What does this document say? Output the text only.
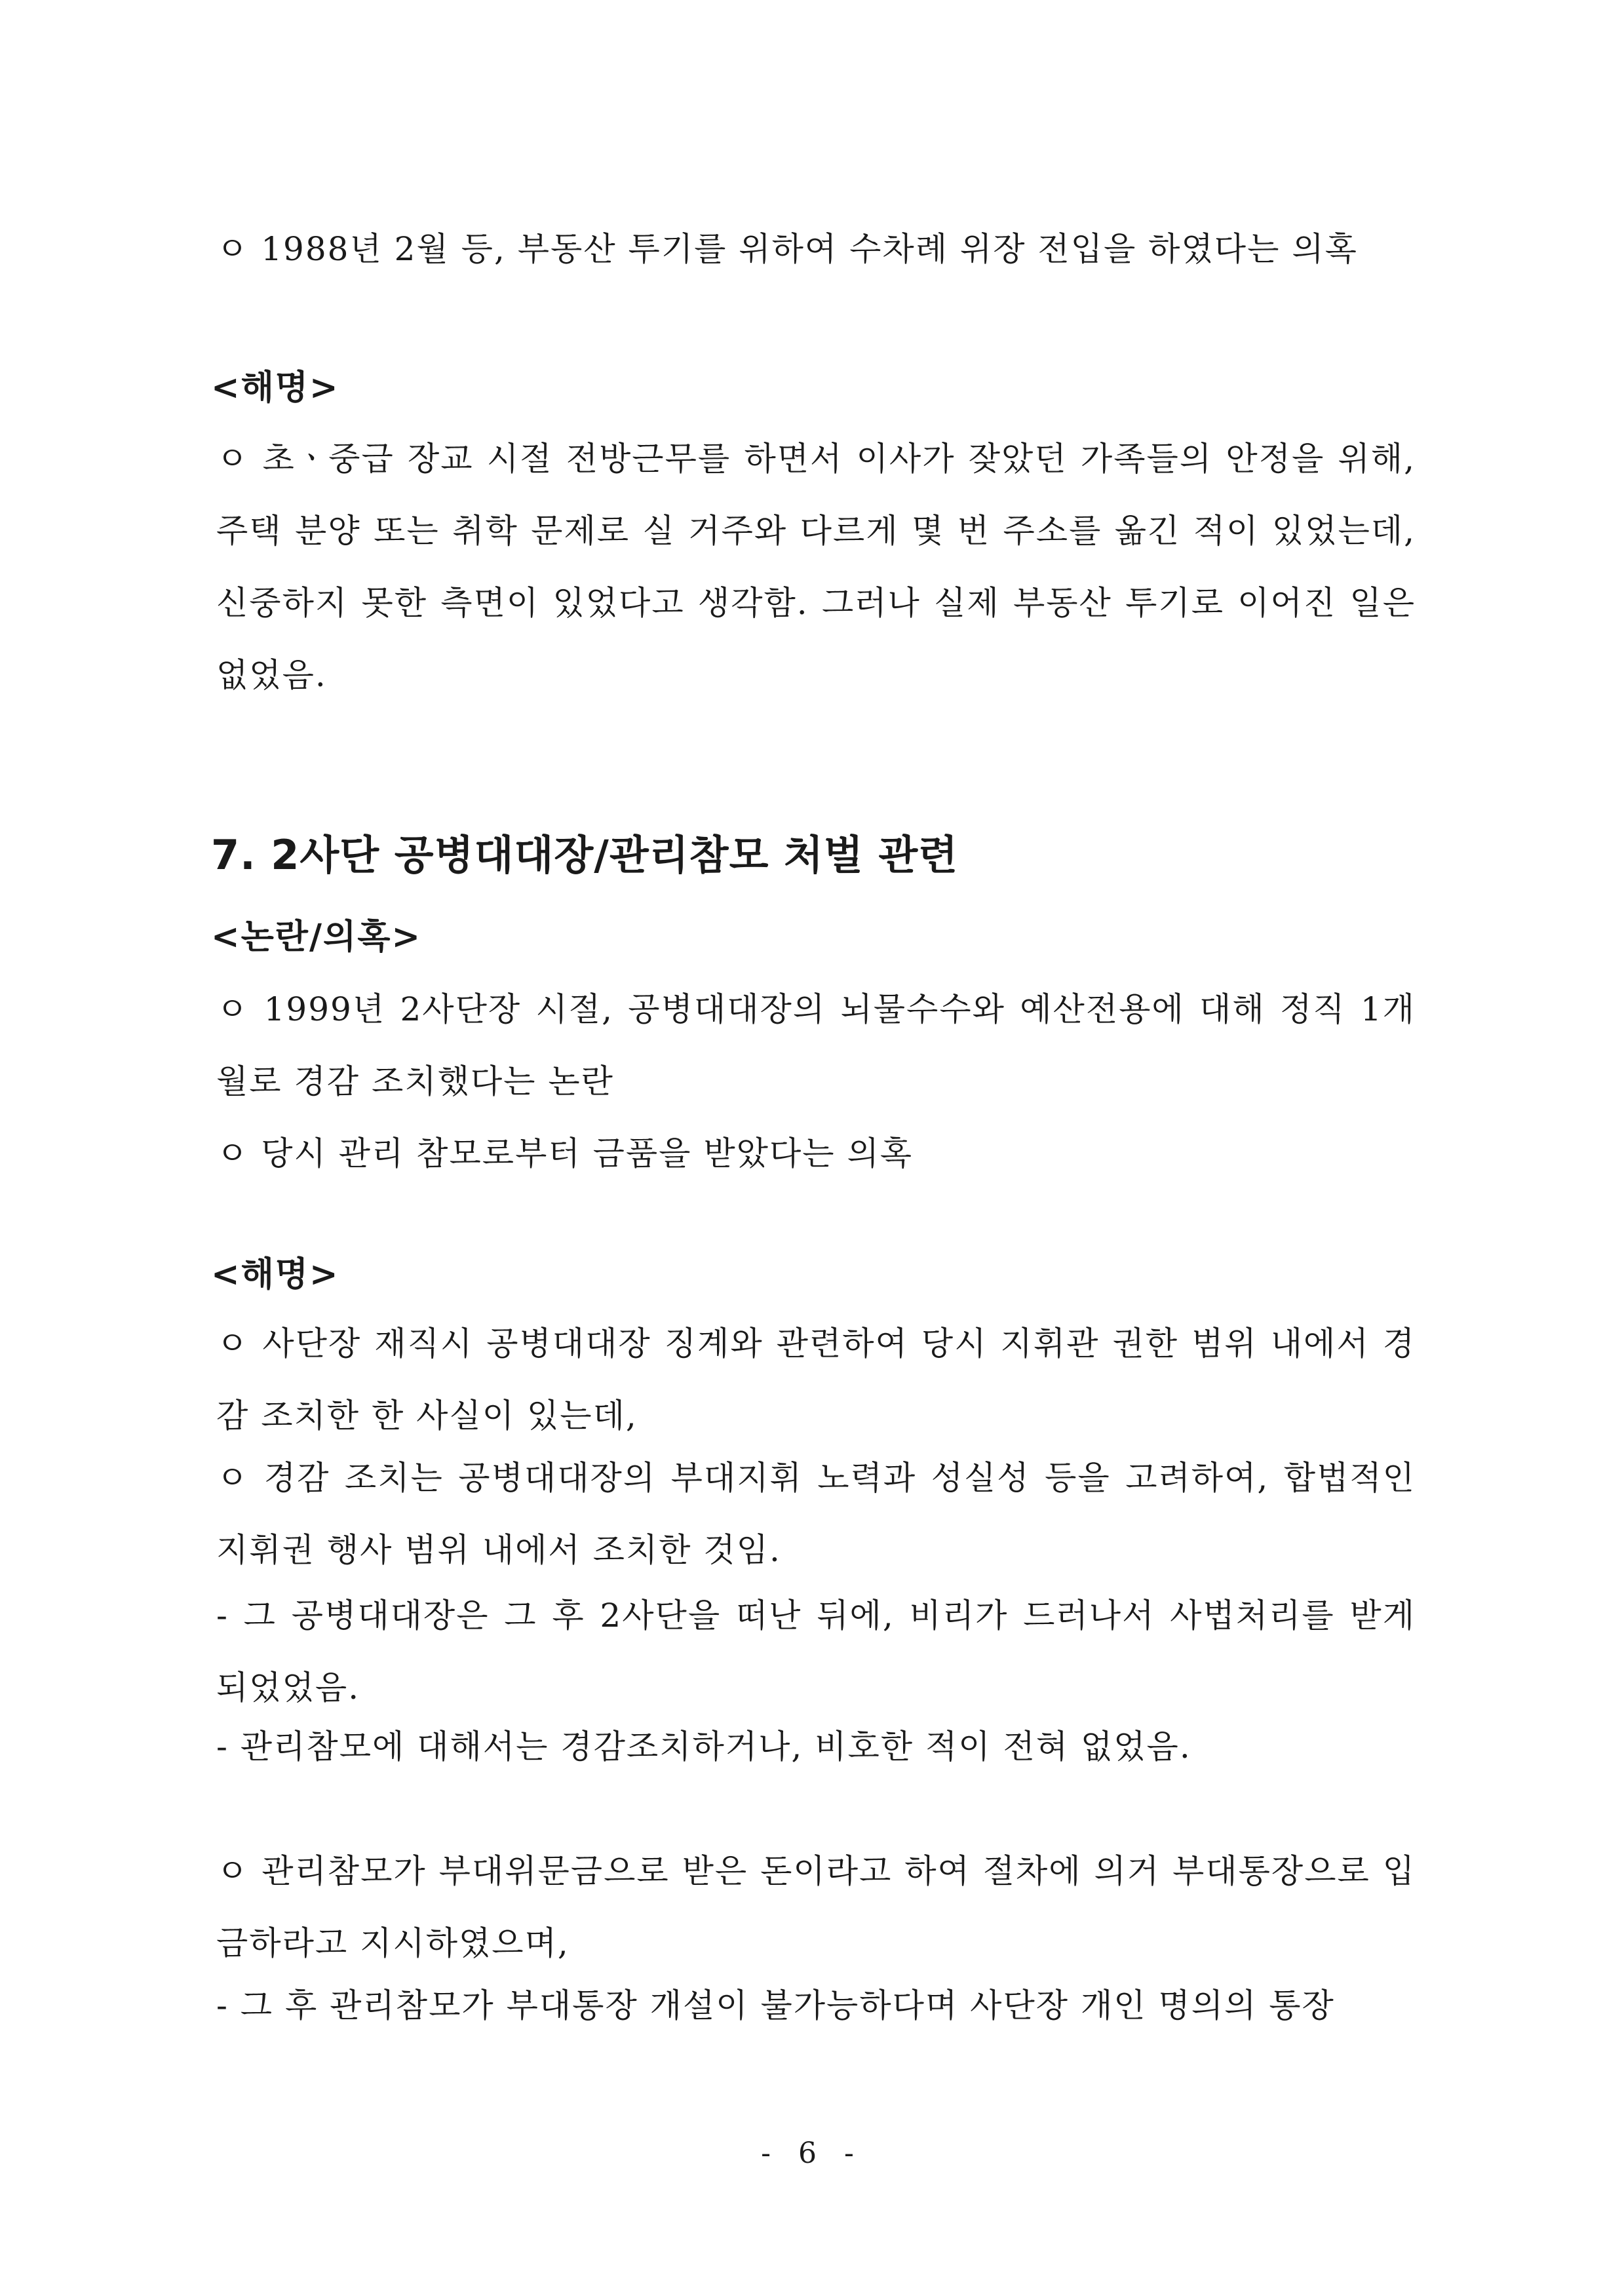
ㅇ 1988년 2월 등, 부동산 투기를 위하여 수차례 위장 전입을 하였다는 의혹
<해명>
ㅇ 초ㆍ중급 장교 시절 전방근무를 하면서 이사가 잦았던 가족들의 안정을 위해, 주택 분양 또는 취학 문제로 실 거주와 다르게 몇 번 주소를 옮긴 적이 있었는데, 신중하지 못한 측면이 있었다고 생각함. 그러나 실제 부동산 투기로 이어진 일은 없었음.
7. 2사단 공병대대장/관리참모 처벌 관련
<논란/의혹>
ㅇ 1999년 2사단장 시절, 공병대대장의 뇌물수수와 예산전용에 대해 정직 1개월로 경감 조치했다는 논란
ㅇ 당시 관리 참모로부터 금품을 받았다는 의혹
<해명>
ㅇ 사단장 재직시 공병대대장 징계와 관련하여 당시 지휘관 권한 범위 내에서 경감 조치한 한 사실이 있는데,
ㅇ 경감 조치는 공병대대장의 부대지휘 노력과 성실성 등을 고려하여, 합법적인 지휘권 행사 범위 내에서 조치한 것임.
- 그 공병대대장은 그 후 2사단을 떠난 뒤에, 비리가 드러나서 사법처리를 받게 되었었음.
- 관리참모에 대해서는 경감조치하거나, 비호한 적이 전혀 없었음.
ㅇ 관리참모가 부대위문금으로 받은 돈이라고 하여 절차에 의거 부대통장으로 입금하라고 지시하였으며,
- 그 후 관리참모가 부대통장 개설이 불가능하다며 사단장 개인 명의의 통장
- 6 -
